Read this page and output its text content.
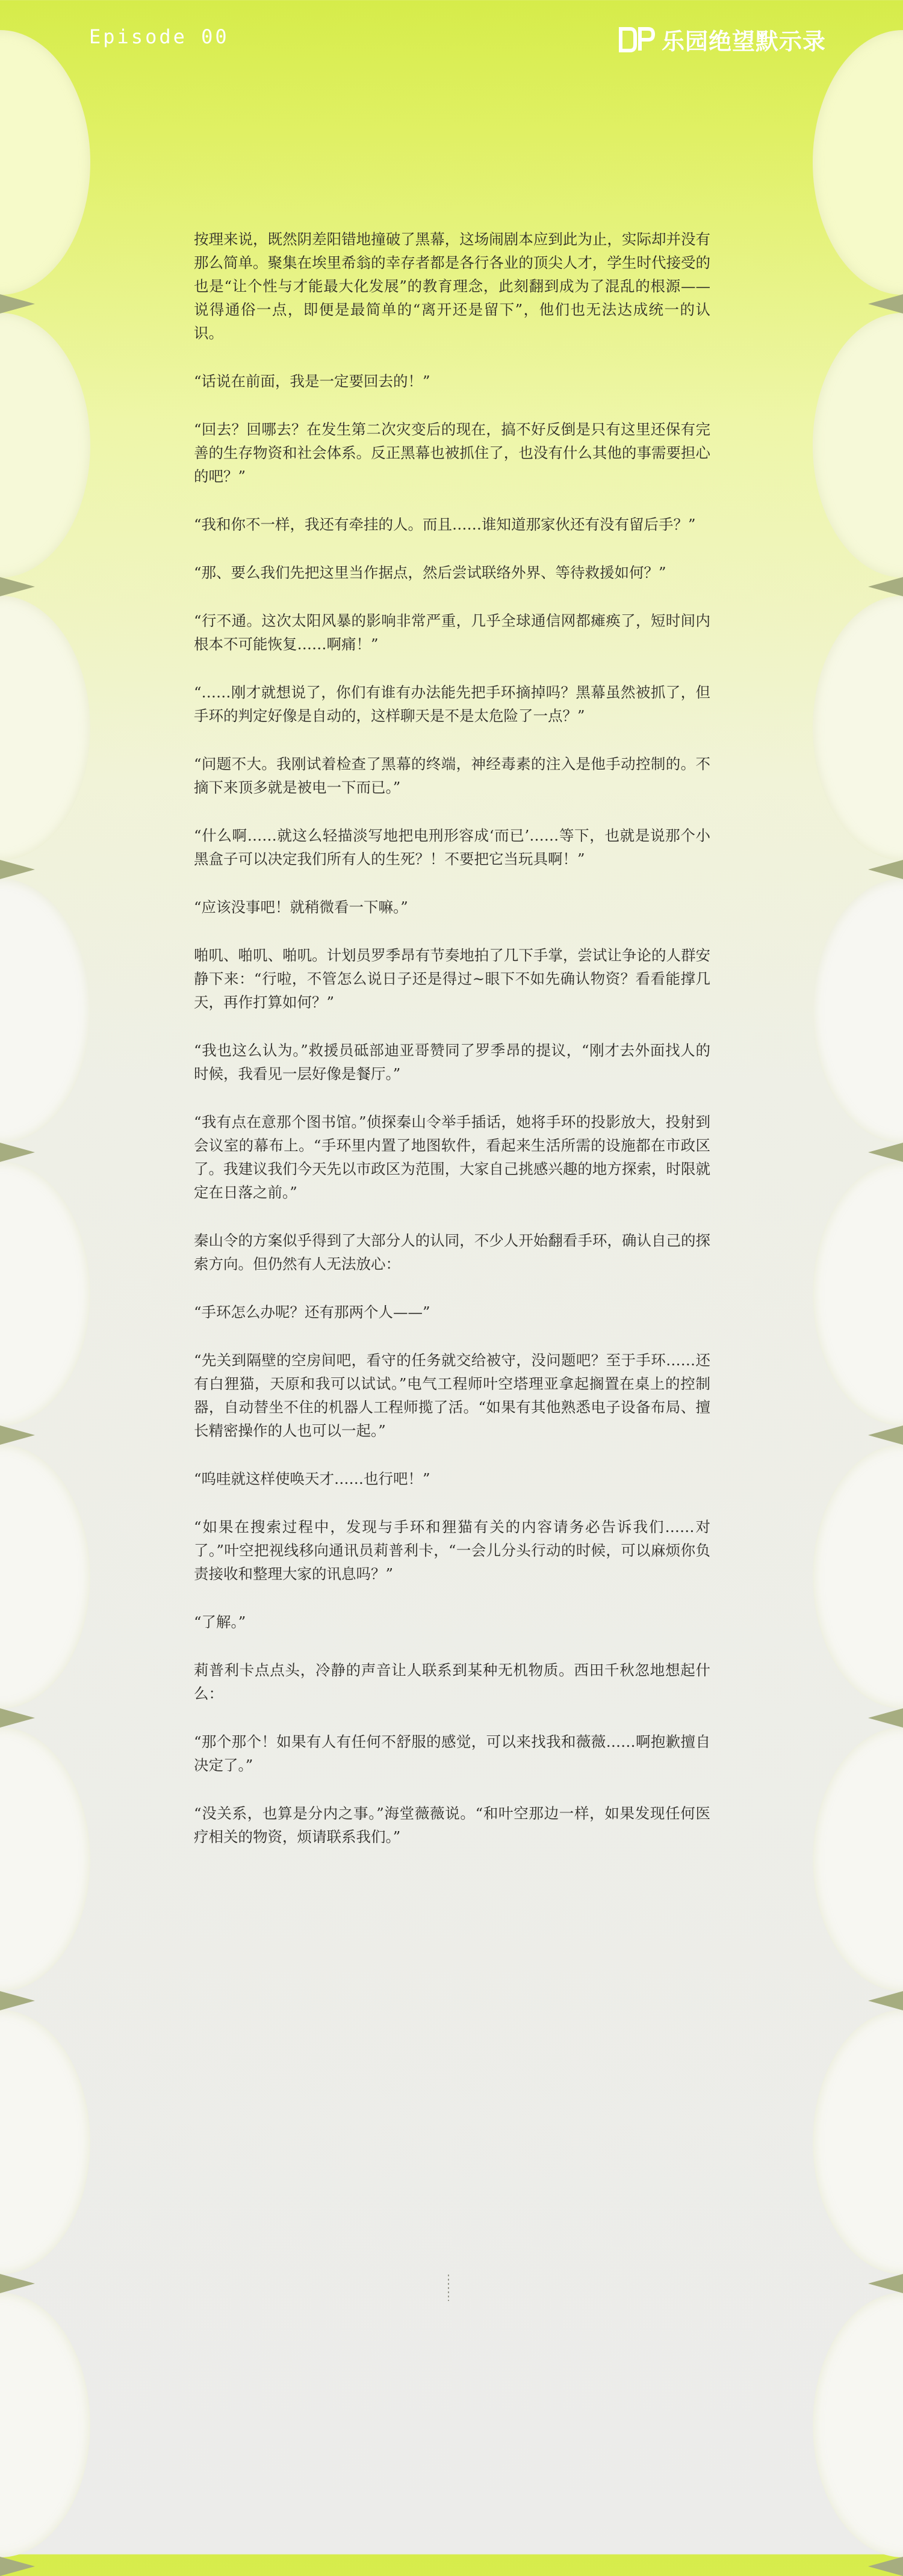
Episode 00	乐园绝望默示录

按理来说，既然阴差阳错地撞破了黑幕，这场闹剧本应到此为止，实际却并没有那么简单。聚集在埃里希翁的幸存者都是各行各业的顶尖人才，学生时代接受的也是“让个性与才能最大化发展”的教育理念，此刻翻到成为了混乱的根源——说得通俗一点，即便是最简单的“离开还是留下”，他们也无法达成统一的认识。

“话说在前面，我是一定要回去的！”

“回去？回哪去？在发生第二次灾变后的现在，搞不好反倒是只有这里还保有完善的生存物资和社会体系。反正黑幕也被抓住了，也没有什么其他的事需要担心的吧？”

“我和你不一样，我还有牵挂的人。而且……谁知道那家伙还有没有留后手？”

“那、要么我们先把这里当作据点，然后尝试联络外界、等待救援如何？”

“行不通。这次太阳风暴的影响非常严重，几乎全球通信网都瘫痪了，短时间内根本不可能恢复……啊痛！”

“……刚才就想说了，你们有谁有办法能先把手环摘掉吗？黑幕虽然被抓了，但手环的判定好像是自动的，这样聊天是不是太危险了一点？”

“问题不大。我刚试着检查了黑幕的终端，神经毒素的注入是他手动控制的。不摘下来顶多就是被电一下而已。”

“什么啊……就这么轻描淡写地把电刑形容成‘而已’……等下，也就是说那个小黑盒子可以决定我们所有人的生死？！不要把它当玩具啊！”

“应该没事吧！就稍微看一下嘛。”

啪叽、啪叽、啪叽。计划员罗季昂有节奏地拍了几下手掌，尝试让争论的人群安静下来：“行啦，不管怎么说日子还是得过~眼下不如先确认物资？看看能撑几天，再作打算如何？”

“我也这么认为。”救援员砥部迪亚哥赞同了罗季昂的提议，“刚才去外面找人的时候，我看见一层好像是餐厅。”

“我有点在意那个图书馆。”侦探秦山令举手插话，她将手环的投影放大，投射到会议室的幕布上。“手环里内置了地图软件，看起来生活所需的设施都在市政区了。我建议我们今天先以市政区为范围，大家自己挑感兴趣的地方探索，时限就定在日落之前。”

秦山令的方案似乎得到了大部分人的认同，不少人开始翻看手环，确认自己的探索方向。但仍然有人无法放心：

“手环怎么办呢？还有那两个人——”

“先关到隔壁的空房间吧，看守的任务就交给被守，没问题吧？至于手环……还有白狸猫，天原和我可以试试。”电气工程师叶空塔理亚拿起搁置在桌上的控制器，自动替坐不住的机器人工程师揽了活。“如果有其他熟悉电子设备布局、擅长精密操作的人也可以一起。”

“呜哇就这样使唤天才……也行吧！”

“如果在搜索过程中，发现与手环和狸猫有关的内容请务必告诉我们……对了。”叶空把视线移向通讯员莉普利卡，“一会儿分头行动的时候，可以麻烦你负责接收和整理大家的讯息吗？”

“了解。”

莉普利卡点点头，冷静的声音让人联系到某种无机物质。西田千秋忽地想起什么：

“那个那个！如果有人有任何不舒服的感觉，可以来找我和薇薇……啊抱歉擅自决定了。”

“没关系，也算是分内之事。”海堂薇薇说。“和叶空那边一样，如果发现任何医疗相关的物资，烦请联系我们。”
